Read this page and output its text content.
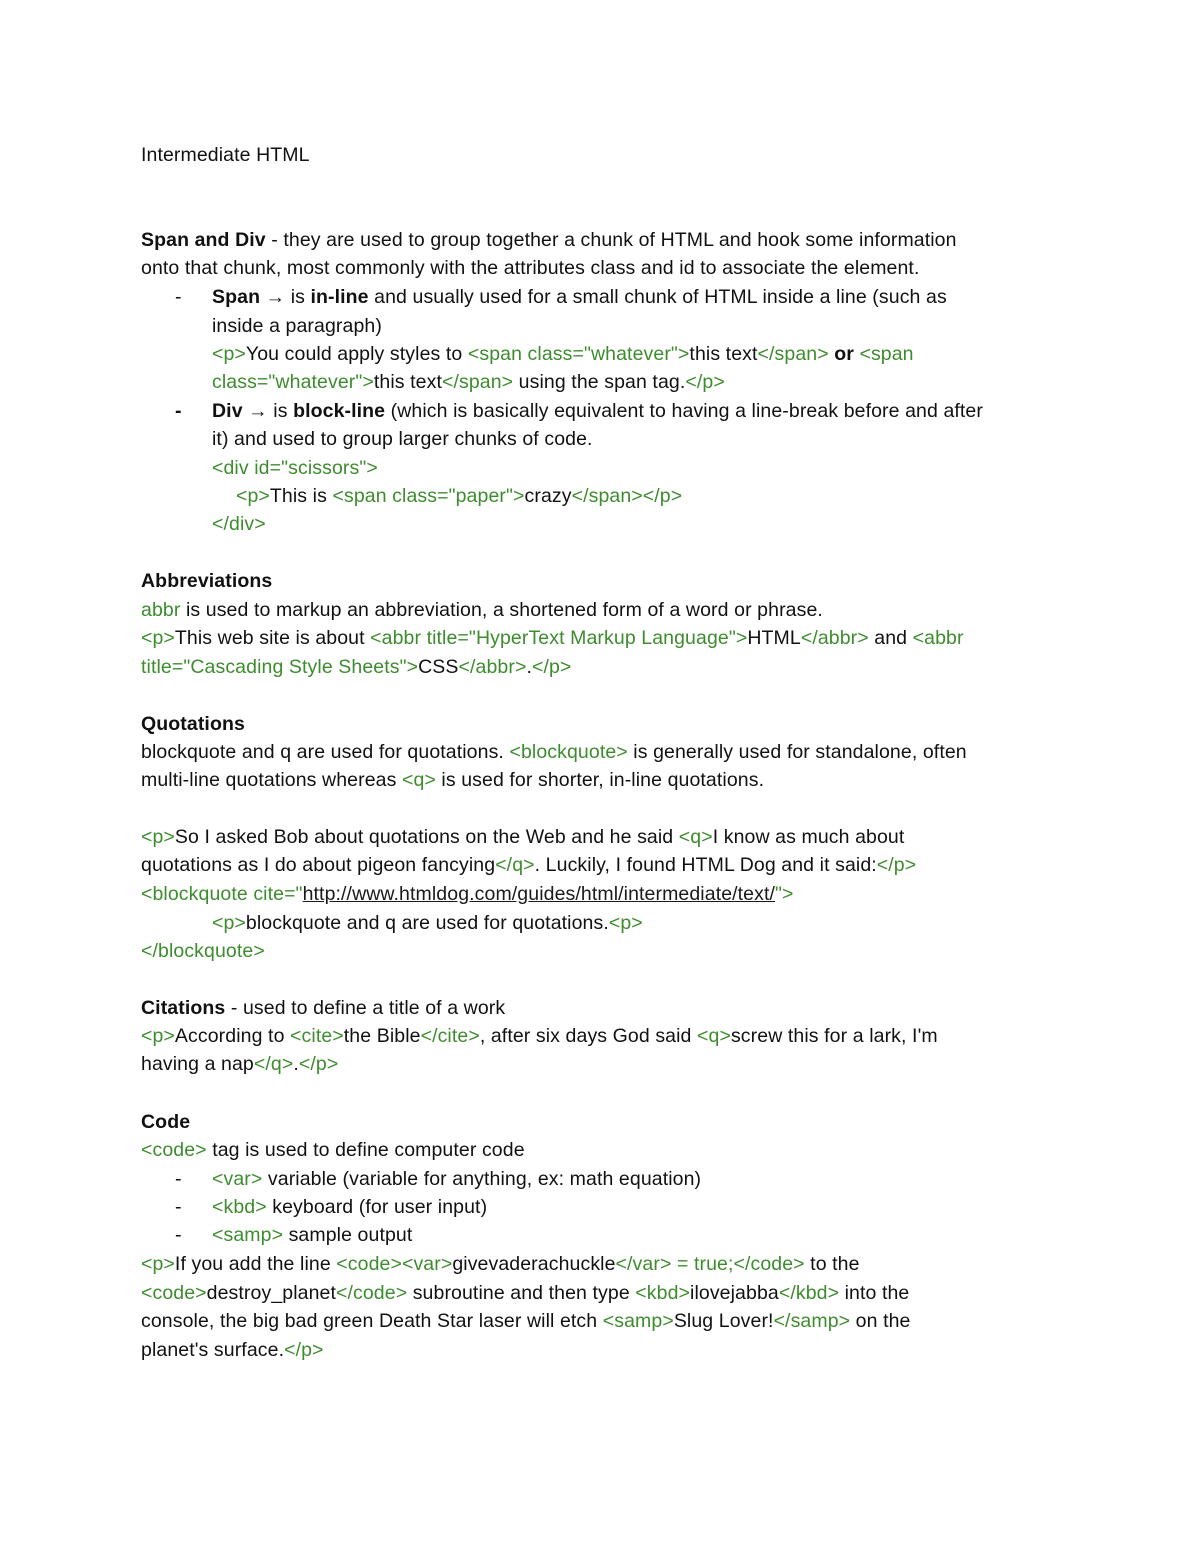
Intermediate HTML
Span and Div - they are used to group together a chunk of HTML and hook some information
onto that chunk, most commonly with the attributes class and id to associate the element.
- Span → is in-line and usually used for a small chunk of HTML inside a line (such as
inside a paragraph)
<p>You could apply styles to <span class="whatever">this text</span> or <span
class="whatever">this text</span> using the span tag.</p>
- Div → is block-line (which is basically equivalent to having a line-break before and after
it) and used to group larger chunks of code.
<div id="scissors">
<p>This is <span class="paper">crazy</span></p>
</div>
Abbreviations
abbr is used to markup an abbreviation, a shortened form of a word or phrase.
<p>This web site is about <abbr title="HyperText Markup Language">HTML</abbr> and <abbr
title="Cascading Style Sheets">CSS</abbr>.</p>
Quotations
blockquote and q are used for quotations. <blockquote> is generally used for standalone, often
multi-line quotations whereas <q> is used for shorter, in-line quotations.
<p>So I asked Bob about quotations on the Web and he said <q>I know as much about
quotations as I do about pigeon fancying</q>. Luckily, I found HTML Dog and it said:</p>
<blockquote cite="http://www.htmldog.com/guides/html/intermediate/text/">
<p>blockquote and q are used for quotations.<p>
</blockquote>
Citations - used to define a title of a work
<p>According to <cite>the Bible</cite>, after six days God said <q>screw this for a lark, I'm
having a nap</q>.</p>
Code
<code> tag is used to define computer code
- <var> variable (variable for anything, ex: math equation)
- <kbd> keyboard (for user input)
- <samp> sample output
<p>If you add the line <code><var>givevaderachuckle</var> = true;</code> to the
<code>destroy_planet</code> subroutine and then type <kbd>ilovejabba</kbd> into the
console, the big bad green Death Star laser will etch <samp>Slug Lover!</samp> on the
planet's surface.</p>
